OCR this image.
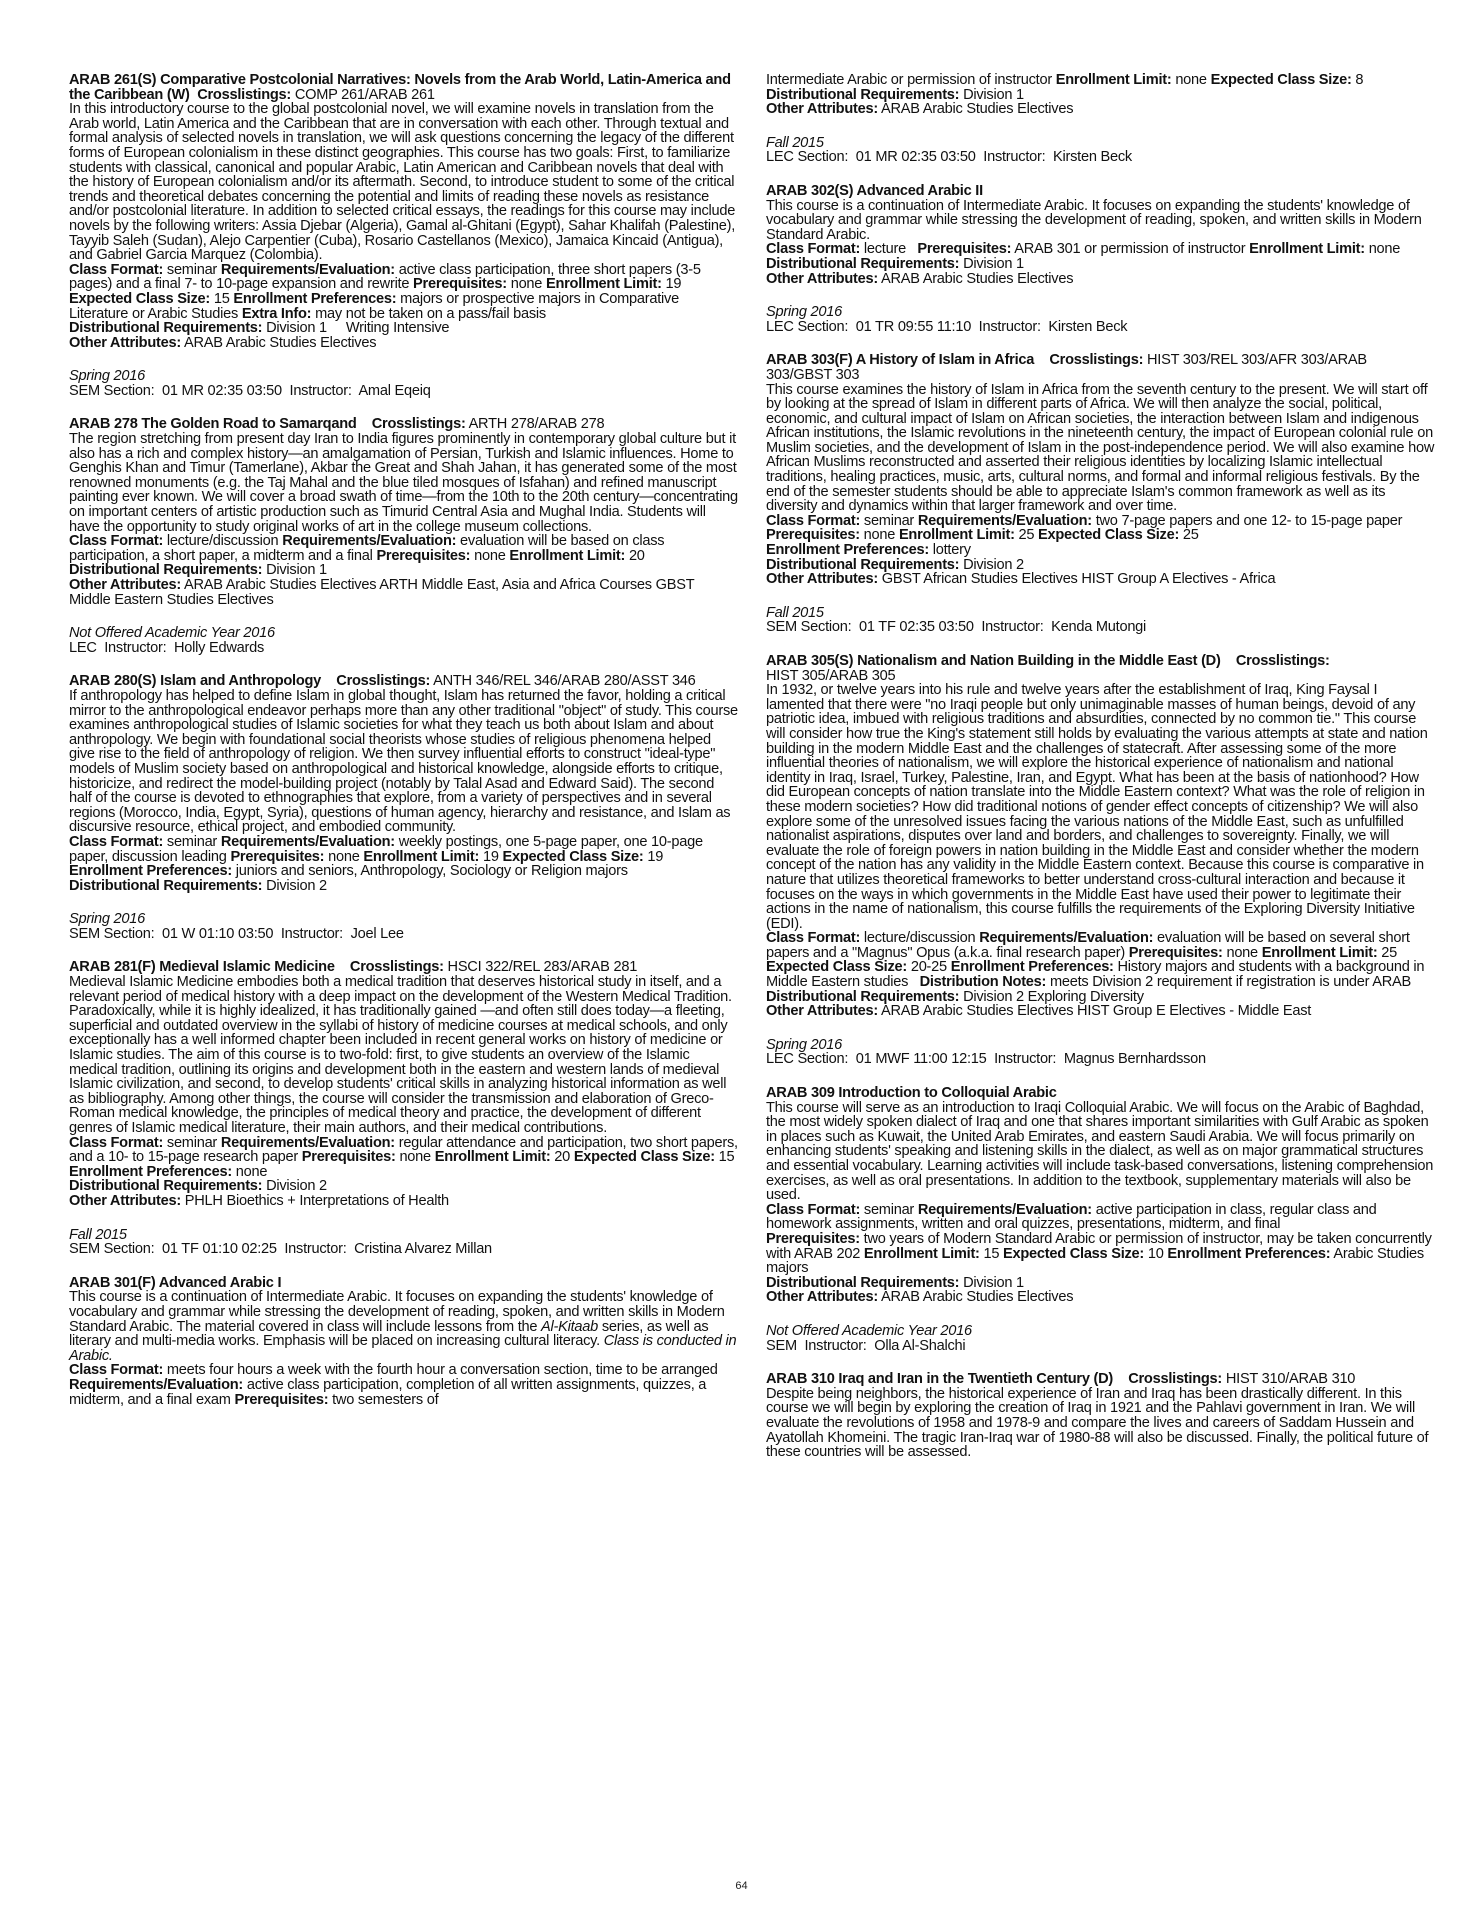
ARAB 261(S) Comparative Postcolonial Narratives: Novels from the Arab World, Latin-America and the Caribbean (W) Crosslistings: COMP 261/ARAB 261
In this introductory course to the global postcolonial novel, we will examine novels in translation from the Arab world, Latin America and the Caribbean that are in conversation with each other. Through textual and formal analysis of selected novels in translation, we will ask questions concerning the legacy of the different forms of European colonialism in these distinct geographies. This course has two goals: First, to familiarize students with classical, canonical and popular Arabic, Latin American and Caribbean novels that deal with the history of European colonialism and/or its aftermath. Second, to introduce student to some of the critical trends and theoretical debates concerning the potential and limits of reading these novels as resistance and/or postcolonial literature. In addition to selected critical essays, the readings for this course may include novels by the following writers: Assia Djebar (Algeria), Gamal al-Ghitani (Egypt), Sahar Khalifah (Palestine), Tayyib Saleh (Sudan), Alejo Carpentier (Cuba), Rosario Castellanos (Mexico), Jamaica Kincaid (Antigua), and Gabriel Garcia Marquez (Colombia).
Class Format: seminar Requirements/Evaluation: active class participation, three short papers (3-5 pages) and a final 7- to 10-page expansion and rewrite Prerequisites: none Enrollment Limit: 19 Expected Class Size: 15 Enrollment Preferences: majors or prospective majors in Comparative Literature or Arabic Studies Extra Info: may not be taken on a pass/fail basis
Distributional Requirements: Division 1     Writing Intensive
Other Attributes: ARAB Arabic Studies Electives

Spring 2016

SEM Section:  01 MR 02:35 03:50  Instructor:  Amal Eqeiq

ARAB 278 The Golden Road to Samarqand Crosslistings: ARTH 278/ARAB 278
The region stretching from present day Iran to India figures prominently in contemporary global culture but it also has a rich and complex history—an amalgamation of Persian, Turkish and Islamic influences. Home to Genghis Khan and Timur (Tamerlane), Akbar the Great and Shah Jahan, it has generated some of the most renowned monuments (e.g. the Taj Mahal and the blue tiled mosques of Isfahan) and refined manuscript painting ever known. We will cover a broad swath of time—from the 10th to the 20th century—concentrating on important centers of artistic production such as Timurid Central Asia and Mughal India. Students will have the opportunity to study original works of art in the college museum collections.
Class Format: lecture/discussion Requirements/Evaluation: evaluation will be based on class participation, a short paper, a midterm and a final Prerequisites: none Enrollment Limit: 20
Distributional Requirements: Division 1
Other Attributes: ARAB Arabic Studies Electives ARTH Middle East, Asia and Africa Courses GBST Middle Eastern Studies Electives

Not Offered Academic Year 2016

LEC  Instructor:  Holly Edwards

ARAB 280(S) Islam and Anthropology Crosslistings: ANTH 346/REL 346/ARAB 280/ASST 346
If anthropology has helped to define Islam in global thought, Islam has returned the favor, holding a critical mirror to the anthropological endeavor perhaps more than any other traditional "object" of study. This course examines anthropological studies of Islamic societies for what they teach us both about Islam and about anthropology. We begin with foundational social theorists whose studies of religious phenomena helped give rise to the field of anthropology of religion. We then survey influential efforts to construct "ideal-type" models of Muslim society based on anthropological and historical knowledge, alongside efforts to critique, historicize, and redirect the model-building project (notably by Talal Asad and Edward Said). The second half of the course is devoted to ethnographies that explore, from a variety of perspectives and in several regions (Morocco, India, Egypt, Syria), questions of human agency, hierarchy and resistance, and Islam as discursive resource, ethical project, and embodied community.
Class Format: seminar Requirements/Evaluation: weekly postings, one 5-page paper, one 10-page paper, discussion leading Prerequisites: none Enrollment Limit: 19 Expected Class Size: 19 Enrollment Preferences: juniors and seniors, Anthropology, Sociology or Religion majors
Distributional Requirements: Division 2

Spring 2016

SEM Section:  01 W 01:10 03:50  Instructor:  Joel Lee

ARAB 281(F) Medieval Islamic Medicine Crosslistings: HSCI 322/REL 283/ARAB 281
Medieval Islamic Medicine embodies both a medical tradition that deserves historical study in itself, and a relevant period of medical history with a deep impact on the development of the Western Medical Tradition. Paradoxically, while it is highly idealized, it has traditionally gained —and often still does today—a fleeting, superficial and outdated overview in the syllabi of history of medicine courses at medical schools, and only exceptionally has a well informed chapter been included in recent general works on history of medicine or Islamic studies. The aim of this course is to two-fold: first, to give students an overview of the Islamic medical tradition, outlining its origins and development both in the eastern and western lands of medieval Islamic civilization, and second, to develop students' critical skills in analyzing historical information as well as bibliography. Among other things, the course will consider the transmission and elaboration of Greco-Roman medical knowledge, the principles of medical theory and practice, the development of different genres of Islamic medical literature, their main authors, and their medical contributions.
Class Format: seminar Requirements/Evaluation: regular attendance and participation, two short papers, and a 10- to 15-page research paper Prerequisites: none Enrollment Limit: 20 Expected Class Size: 15 Enrollment Preferences: none
Distributional Requirements: Division 2
Other Attributes: PHLH Bioethics + Interpretations of Health

Fall 2015

SEM Section:  01 TF 01:10 02:25  Instructor:  Cristina Alvarez Millan

ARAB 301(F) Advanced Arabic I
This course is a continuation of Intermediate Arabic. It focuses on expanding the students' knowledge of vocabulary and grammar while stressing the development of reading, spoken, and written skills in Modern Standard Arabic. The material covered in class will include lessons from the Al-Kitaab series, as well as literary and multi-media works. Emphasis will be placed on increasing cultural literacy. Class is conducted in Arabic.
Class Format: meets four hours a week with the fourth hour a conversation section, time to be arranged Requirements/Evaluation: active class participation, completion of all written assignments, quizzes, a midterm, and a final exam Prerequisites: two semesters of

Intermediate Arabic or permission of instructor Enrollment Limit: none Expected Class Size: 8
Distributional Requirements: Division 1
Other Attributes: ARAB Arabic Studies Electives

Fall 2015

LEC Section:  01 MR 02:35 03:50  Instructor:  Kirsten Beck

ARAB 302(S) Advanced Arabic II
This course is a continuation of Intermediate Arabic. It focuses on expanding the students' knowledge of vocabulary and grammar while stressing the development of reading, spoken, and written skills in Modern Standard Arabic.
Class Format: lecture Prerequisites: ARAB 301 or permission of instructor Enrollment Limit: none
Distributional Requirements: Division 1
Other Attributes: ARAB Arabic Studies Electives

Spring 2016

LEC Section:  01 TR 09:55 11:10  Instructor:  Kirsten Beck

ARAB 303(F) A History of Islam in Africa Crosslistings: HIST 303/REL 303/AFR 303/ARAB 303/GBST 303
This course examines the history of Islam in Africa from the seventh century to the present. We will start off by looking at the spread of Islam in different parts of Africa. We will then analyze the social, political, economic, and cultural impact of Islam on African societies, the interaction between Islam and indigenous African institutions, the Islamic revolutions in the nineteenth century, the impact of European colonial rule on Muslim societies, and the development of Islam in the post-independence period. We will also examine how African Muslims reconstructed and asserted their religious identities by localizing Islamic intellectual traditions, healing practices, music, arts, cultural norms, and formal and informal religious festivals. By the end of the semester students should be able to appreciate Islam's common framework as well as its diversity and dynamics within that larger framework and over time.
Class Format: seminar Requirements/Evaluation: two 7-page papers and one 12- to 15-page paper Prerequisites: none Enrollment Limit: 25 Expected Class Size: 25
Enrollment Preferences: lottery
Distributional Requirements: Division 2
Other Attributes: GBST African Studies Electives HIST Group A Electives - Africa

Fall 2015

SEM Section:  01 TF 02:35 03:50  Instructor:  Kenda Mutongi

ARAB 305(S) Nationalism and Nation Building in the Middle East (D) Crosslistings:
HIST 305/ARAB 305
In 1932, or twelve years into his rule and twelve years after the establishment of Iraq, King Faysal I lamented that there were "no Iraqi people but only unimaginable masses of human beings, devoid of any patriotic idea, imbued with religious traditions and absurdities, connected by no common tie." This course will consider how true the King's statement still holds by evaluating the various attempts at state and nation building in the modern Middle East and the challenges of statecraft. After assessing some of the more influential theories of nationalism, we will explore the historical experience of nationalism and national identity in Iraq, Israel, Turkey, Palestine, Iran, and Egypt. What has been at the basis of nationhood? How did European concepts of nation translate into the Middle Eastern context? What was the role of religion in these modern societies? How did traditional notions of gender effect concepts of citizenship? We will also explore some of the unresolved issues facing the various nations of the Middle East, such as unfulfilled nationalist aspirations, disputes over land and borders, and challenges to sovereignty. Finally, we will evaluate the role of foreign powers in nation building in the Middle East and consider whether the modern concept of the nation has any validity in the Middle Eastern context. Because this course is comparative in nature that utilizes theoretical frameworks to better understand cross-cultural interaction and because it focuses on the ways in which governments in the Middle East have used their power to legitimate their actions in the name of nationalism, this course fulfills the requirements of the Exploring Diversity Initiative (EDI).
Class Format: lecture/discussion Requirements/Evaluation: evaluation will be based on several short papers and a "Magnus" Opus (a.k.a. final research paper) Prerequisites: none Enrollment Limit: 25 Expected Class Size: 20-25 Enrollment Preferences: History majors and students with a background in Middle Eastern studies Distribution Notes: meets Division 2 requirement if registration is under ARAB
Distributional Requirements: Division 2 Exploring Diversity
Other Attributes: ARAB Arabic Studies Electives HIST Group E Electives - Middle East

Spring 2016

LEC Section:  01 MWF 11:00 12:15  Instructor:  Magnus Bernhardsson

ARAB 309 Introduction to Colloquial Arabic
This course will serve as an introduction to Iraqi Colloquial Arabic. We will focus on the Arabic of Baghdad, the most widely spoken dialect of Iraq and one that shares important similarities with Gulf Arabic as spoken in places such as Kuwait, the United Arab Emirates, and eastern Saudi Arabia. We will focus primarily on enhancing students' speaking and listening skills in the dialect, as well as on major grammatical structures and essential vocabulary. Learning activities will include task-based conversations, listening comprehension exercises, as well as oral presentations. In addition to the textbook, supplementary materials will also be used.
Class Format: seminar Requirements/Evaluation: active participation in class, regular class and homework assignments, written and oral quizzes, presentations, midterm, and final
Prerequisites: two years of Modern Standard Arabic or permission of instructor, may be taken concurrently with ARAB 202 Enrollment Limit: 15 Expected Class Size: 10 Enrollment Preferences: Arabic Studies majors
Distributional Requirements: Division 1
Other Attributes: ARAB Arabic Studies Electives

Not Offered Academic Year 2016

SEM  Instructor:  Olla Al-Shalchi

ARAB 310 Iraq and Iran in the Twentieth Century (D) Crosslistings: HIST 310/ARAB 310
Despite being neighbors, the historical experience of Iran and Iraq has been drastically different. In this course we will begin by exploring the creation of Iraq in 1921 and the Pahlavi government in Iran. We will evaluate the revolutions of 1958 and 1978-9 and compare the lives and careers of Saddam Hussein and Ayatollah Khomeini. The tragic Iran-Iraq war of 1980-88 will also be discussed. Finally, the political future of these countries will be assessed.

64
